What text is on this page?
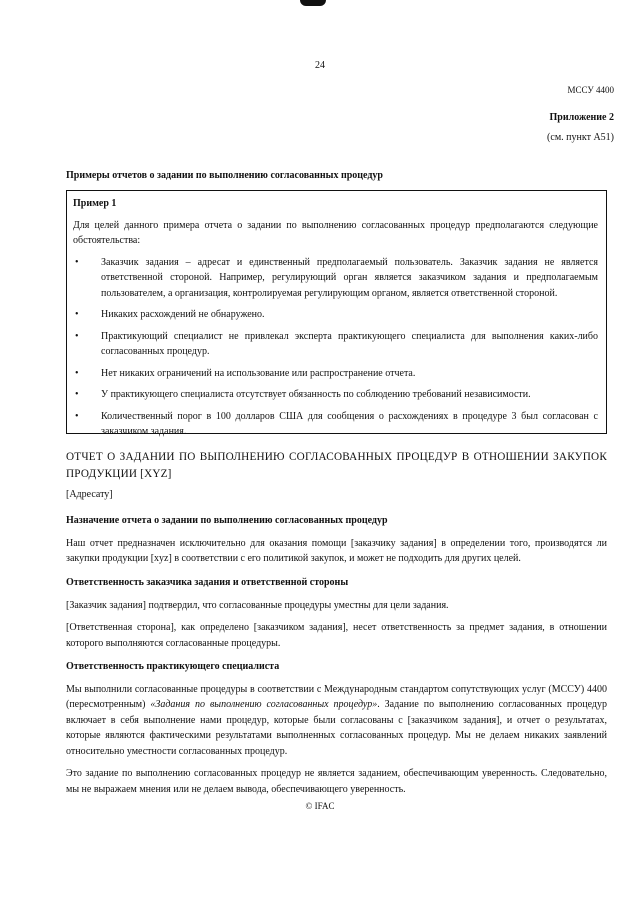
24
МССУ 4400
Приложение 2
(см. пункт А51)
Примеры отчетов о задании по выполнению согласованных процедур

Пример 1

Для целей данного примера отчета о задании по выполнению согласованных процедур предполагаются следующие обстоятельства:

• Заказчик задания – адресат и единственный предполагаемый пользователь. Заказчик задания не является ответственной стороной. Например, регулирующий орган является заказчиком задания и предполагаемым пользователем, а организация, контролируемая регулирующим органом, является ответственной стороной.
• Никаких расхождений не обнаружено.
• Практикующий специалист не привлекал эксперта практикующего специалиста для выполнения каких-либо согласованных процедур.
• Нет никаких ограничений на использование или распространение отчета.
• У практикующего специалиста отсутствует обязанность по соблюдению требований независимости.
• Количественный порог в 100 долларов США для сообщения о расхождениях в процедуре 3 был согласован с заказчиком задания.
ОТЧЕТ О ЗАДАНИИ ПО ВЫПОЛНЕНИЮ СОГЛАСОВАННЫХ ПРОЦЕДУР В ОТНОШЕНИИ ЗАКУПОК ПРОДУКЦИИ [XYZ]
[Адресату]

Назначение отчета о задании по выполнению согласованных процедур

Наш отчет предназначен исключительно для оказания помощи [заказчику задания] в определении того, производятся ли закупки продукции [xyz] в соответствии с его политикой закупок, и может не подходить для других целей.

Ответственность заказчика задания и ответственной стороны

[Заказчик задания] подтвердил, что согласованные процедуры уместны для цели задания.

[Ответственная сторона], как определено [заказчиком задания], несет ответственность за предмет задания, в отношении которого выполняются согласованные процедуры.

Ответственность практикующего специалиста

Мы выполнили согласованные процедуры в соответствии с Международным стандартом сопутствующих услуг (МССУ) 4400 (пересмотренным) «Задания по выполнению согласованных процедур». Задание по выполнению согласованных процедур включает в себя выполнение нами процедур, которые были согласованы с [заказчиком задания], и отчет о результатах, которые являются фактическими результатами выполненных согласованных процедур. Мы не делаем никаких заявлений относительно уместности согласованных процедур.

Это задание по выполнению согласованных процедур не является заданием, обеспечивающим уверенность. Следовательно, мы не выражаем мнения или не делаем вывода, обеспечивающего уверенность.

© IFAC
